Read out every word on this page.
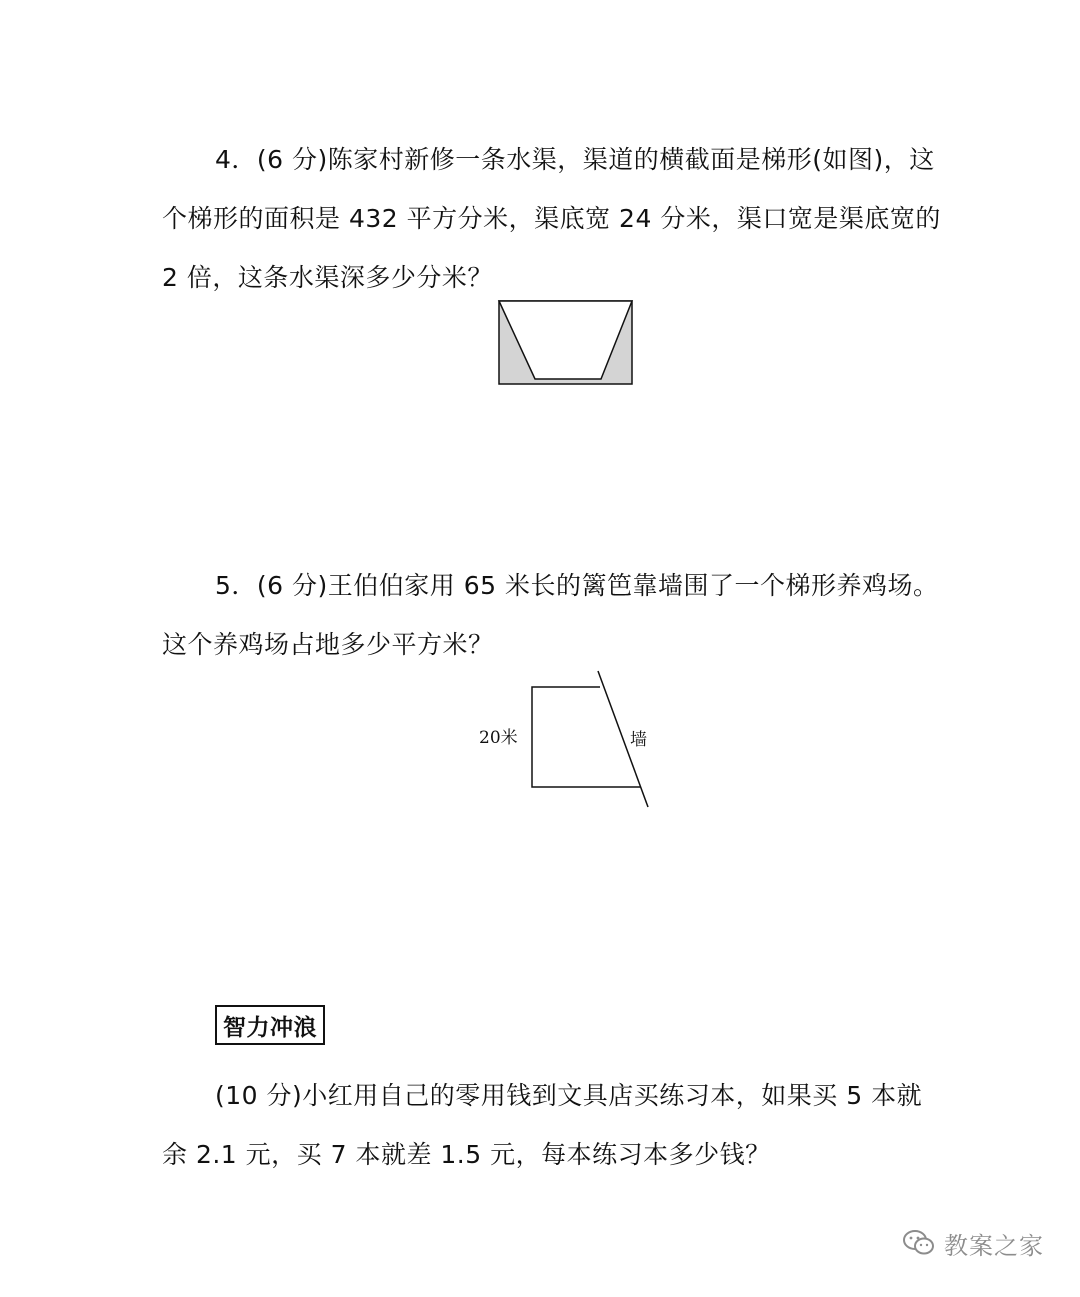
4．(6 分)陈家村新修一条水渠，渠道的横截面是梯形(如图)，这

个梯形的面积是 432 平方分米，渠底宽 24 分米，渠口宽是渠底宽的

2 倍，这条水渠深多少分米？

5．(6 分)王伯伯家用 65 米长的篱笆靠墙围了一个梯形养鸡场。

这个养鸡场占地多少平方米？

20米	墙
智力冲浪

(10 分)小红用自己的零用钱到文具店买练习本，如果买 5 本就

余 2.1 元，买 7 本就差 1.5 元，每本练习本多少钱？

教案之家
